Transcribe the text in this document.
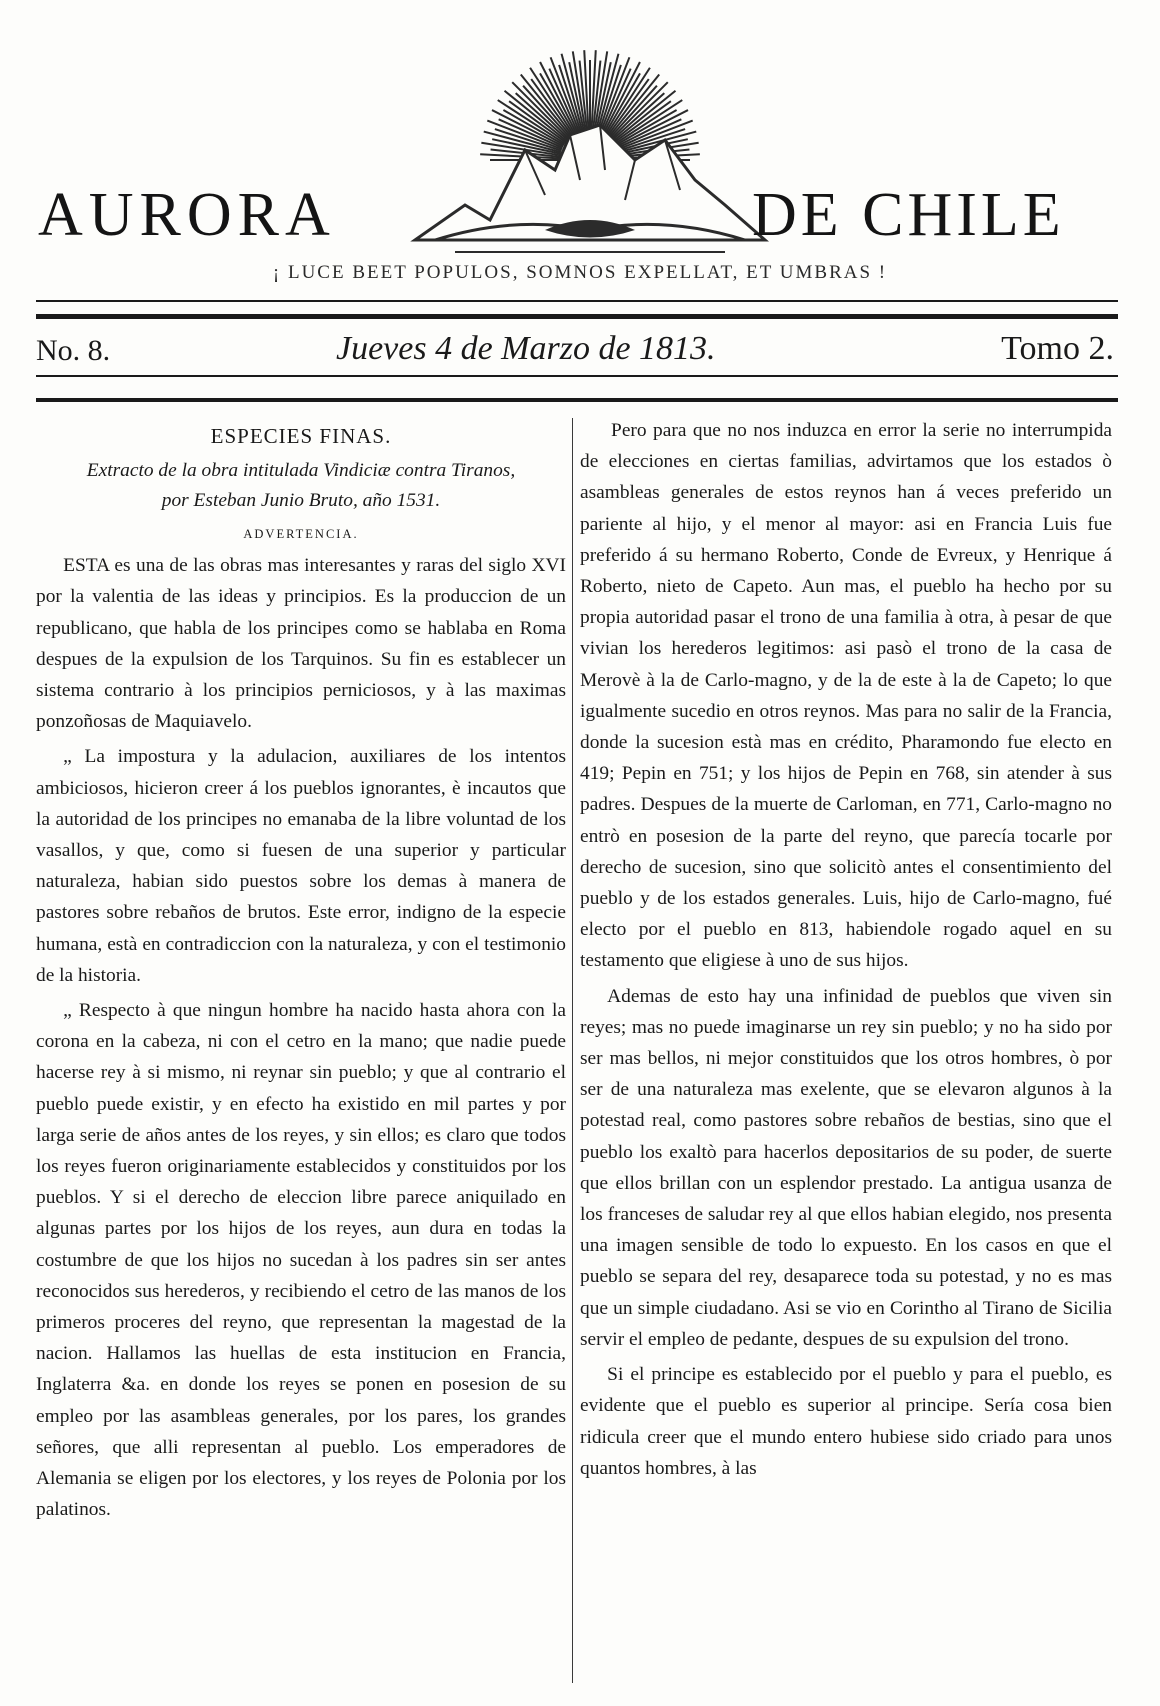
AURORA	DE CHILE
¡ LUCE BEET POPULOS, SOMNOS EXPELLAT, ET UMBRAS !
No. 8.	Jueves 4 de Marzo de 1813.	Tomo 2.
ESPECIES FINAS.
Extracto de la obra intitulada Vindiciæ contra Tiranos,
por Esteban Junio Bruto, año 1531.
ADVERTENCIA.

ESTA es una de las obras mas interesantes y raras del siglo XVI por la valentia de las ideas y principios. Es la produccion de un republicano, que habla de los principes como se hablaba en Roma despues de la expulsion de los Tarquinos. Su fin es establecer un sistema contrario à los principios perniciosos, y à las maximas ponzoñosas de Maquiavelo.

„ La impostura y la adulacion, auxiliares de los intentos ambiciosos, hicieron creer á los pueblos ignorantes, è incautos que la autoridad de los principes no emanaba de la libre voluntad de los vasallos, y que, como si fuesen de una superior y particular naturaleza, habian sido puestos sobre los demas à manera de pastores sobre rebaños de brutos. Este error, indigno de la especie humana, està en contradiccion con la naturaleza, y con el testimonio de la historia.

„ Respecto à que ningun hombre ha nacido hasta ahora con la corona en la cabeza, ni con el cetro en la mano; que nadie puede hacerse rey à si mismo, ni reynar sin pueblo; y que al contrario el pueblo puede existir, y en efecto ha existido en mil partes y por larga serie de años antes de los reyes, y sin ellos; es claro que todos los reyes fueron originariamente establecidos y constituidos por los pueblos. Y si el derecho de eleccion libre parece aniquilado en algunas partes por los hijos de los reyes, aun dura en todas la costumbre de que los hijos no sucedan à los padres sin ser antes reconocidos sus herederos, y recibiendo el cetro de las manos de los primeros proceres del reyno, que representan la magestad de la nacion. Hallamos las huellas de esta institucion en Francia, Inglaterra &a. en donde los reyes se ponen en posesion de su empleo por las asambleas generales, por los pares, los grandes señores, que alli representan al pueblo. Los emperadores de Alemania se eligen por los electores, y los reyes de Polonia por los palatinos.

Pero para que no nos induzca en error la serie no interrumpida de elecciones en ciertas familias, advirtamos que los estados ò asambleas generales de estos reynos han á veces preferido un pariente al hijo, y el menor al mayor: asi en Francia Luis fue preferido á su hermano Roberto, Conde de Evreux, y Henrique á Roberto, nieto de Capeto. Aun mas, el pueblo ha hecho por su propia autoridad pasar el trono de una familia à otra, à pesar de que vivian los herederos legitimos: asi pasò el trono de la casa de Merovè à la de Carlo-magno, y de la de este à la de Capeto; lo que igualmente sucedio en otros reynos. Mas para no salir de la Francia, donde la sucesion està mas en crédito, Pharamondo fue electo en 419; Pepin en 751; y los hijos de Pepin en 768, sin atender à sus padres. Despues de la muerte de Carloman, en 771, Carlo-magno no entrò en posesion de la parte del reyno, que parecía tocarle por derecho de sucesion, sino que solicitò antes el consentimiento del pueblo y de los estados generales. Luis, hijo de Carlo-magno, fué electo por el pueblo en 813, habiendole rogado aquel en su testamento que eligiese à uno de sus hijos.

Ademas de esto hay una infinidad de pueblos que viven sin reyes; mas no puede imaginarse un rey sin pueblo; y no ha sido por ser mas bellos, ni mejor constituidos que los otros hombres, ò por ser de una naturaleza mas exelente, que se elevaron algunos à la potestad real, como pastores sobre rebaños de bestias, sino que el pueblo los exaltò para hacerlos depositarios de su poder, de suerte que ellos brillan con un esplendor prestado. La antigua usanza de los franceses de saludar rey al que ellos habian elegido, nos presenta una imagen sensible de todo lo expuesto. En los casos en que el pueblo se separa del rey, desaparece toda su potestad, y no es mas que un simple ciudadano. Asi se vio en Corintho al Tirano de Sicilia servir el empleo de pedante, despues de su expulsion del trono.

Si el principe es establecido por el pueblo y para el pueblo, es evidente que el pueblo es superior al principe. Sería cosa bien ridicula creer que el mundo entero hubiese sido criado para unos quantos hombres, à las
